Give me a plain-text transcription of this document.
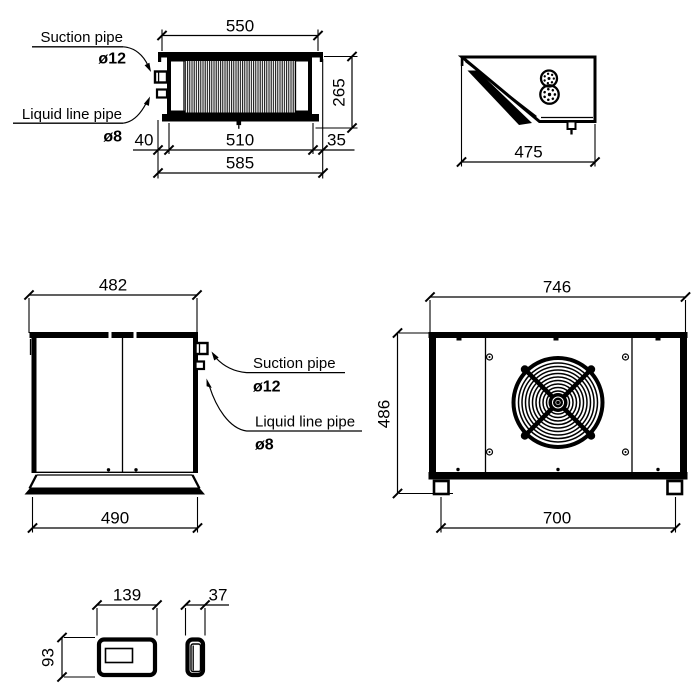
550
265
40	510	35
585
Suction pipe
ø12
Liquid line pipe
ø8
475
482
490
Suction pipe
ø12
Liquid line pipe
ø8
746
486
700
139	37
93
